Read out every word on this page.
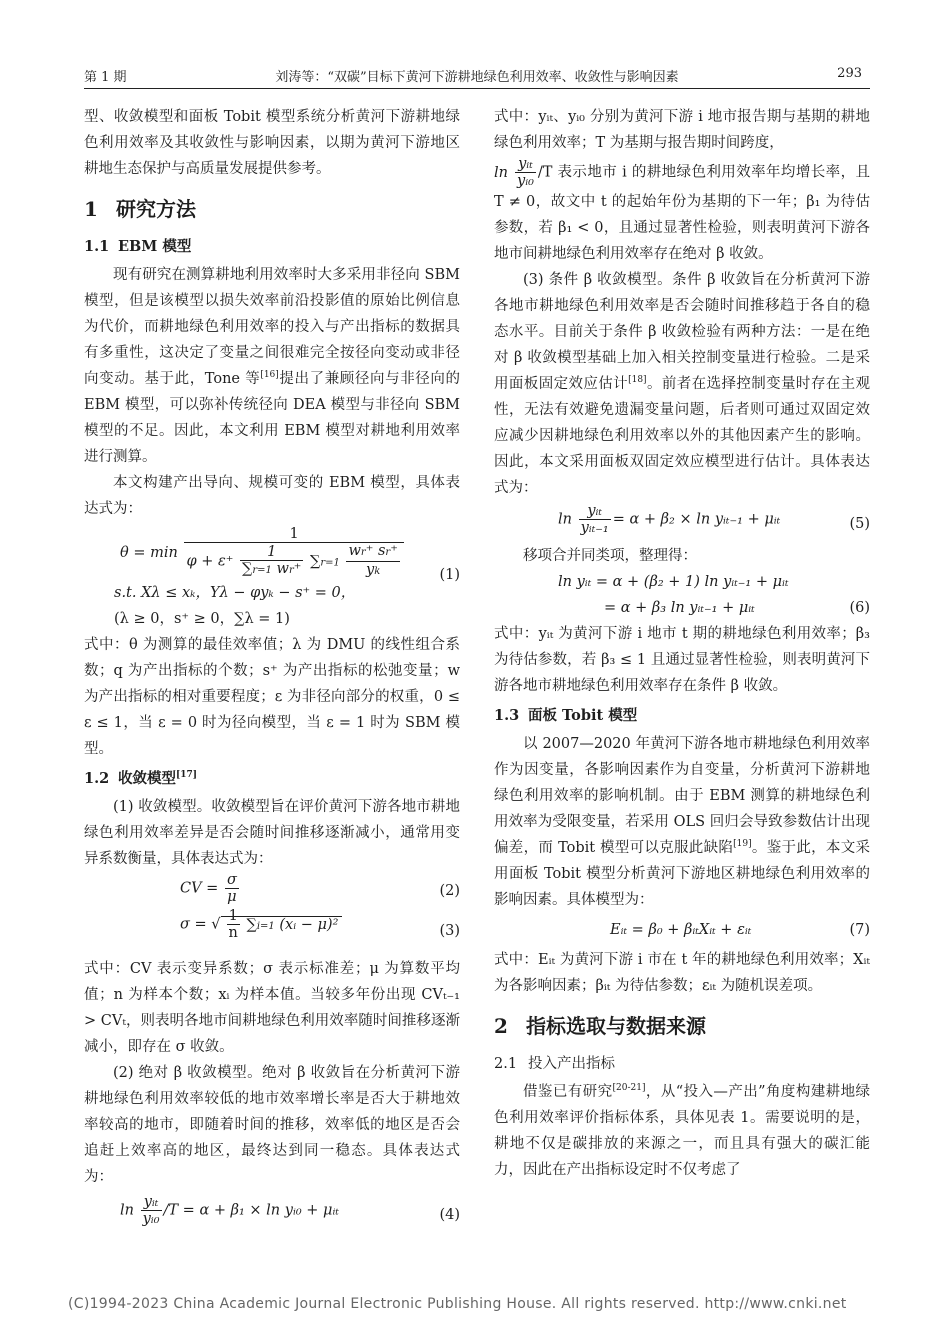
第 1 期	刘涛等：“双碳”目标下黄河下游耕地绿色利用效率、收敛性与影响因素	293

型、收敛模型和面板 Tobit 模型系统分析黄河下游耕地绿色利用效率及其收敛性与影响因素，以期为黄河下游地区耕地生态保护与高质量发展提供参考。

1 研究方法
1.1 EBM 模型

现有研究在测算耕地利用效率时大多采用非径向 SBM 模型，但是该模型以损失效率前沿投影值的原始比例信息为代价，而耕地绿色利用效率的投入与产出指标的数据具有多重性，这决定了变量之间很难完全按径向变动或非径向变动。基于此，Tone 等[16]提出了兼顾径向与非径向的 EBM 模型，可以弥补传统径向 DEA 模型与非径向 SBM 模型的不足。因此，本文利用 EBM 模型对耕地利用效率进行测算。

本文构建产出导向、规模可变的 EBM 模型，具体表达式为：

$\theta = \min \frac{1}{\varphi + \varepsilon^+ \frac{1}{\sum r=1 wr^+} \sum r=1 \frac{wr^+ sr^+}{yk}} (1)$
s.t. Xλ ≤ xₖ，Yλ − φyₖ − s⁺ = 0，
(λ ≥ 0，s⁺ ≥ 0，∑λ = 1)

式中：θ 为测算的最佳效率值；λ 为 DMU 的线性组合系数；q 为产出指标的个数；s⁺ 为产出指标的松弛变量；w 为产出指标的相对重要程度；ε 为非径向部分的权重，0 ≤ ε ≤ 1，当 ε = 0 时为径向模型，当 ε = 1 时为 SBM 模型。

1.2 收敛模型[17]

(1) 收敛模型。收敛模型旨在评价黄河下游各地市耕地绿色利用效率差异是否会随时间推移逐渐减小，通常用变异系数衡量，具体表达式为：

CV = $\frac{\sigma}{\mu}$	(2)
σ = √ $\frac{1}{n} \sum i=1$ (xᵢ − μ)²	(3)

式中：CV 表示变异系数；σ 表示标准差；μ 为算数平均值；n 为样本个数；xᵢ 为样本值。当较多年份出现 CVₜ₋₁ > CVₜ，则表明各地市间耕地绿色利用效率随时间推移逐渐减小，即存在 σ 收敛。

(2) 绝对 β 收敛模型。绝对 β 收敛旨在分析黄河下游耕地绿色利用效率较低的地市效率增长率是否大于耕地效率较高的地市，即随着时间的推移，效率低的地区是否会追赶上效率高的地区，最终达到同一稳态。具体表达式为：

$\ln \frac{\text{yᵢₜ}}{\text{yᵢ₀}} /T = \alpha + \beta_1 \times \ln$ yᵢ₀ + μᵢₜ	(4)

式中：yᵢₜ、yᵢ₀ 分别为黄河下游 i 地市报告期与基期的耕地绿色利用效率；T 为基期与报告期时间跨度，

$\ln \frac{\text{yᵢₜ}}{\text{yᵢ₀}} /T$ 表示地市 i 的耕地绿色利用效率年均增长率，且 T ≠ 0，故文中 t 的起始年份为基期的下一年；β₁ 为待估参数，若 β₁ < 0，且通过显著性检验，则表明黄河下游各地市间耕地绿色利用效率存在绝对 β 收敛。

(3) 条件 β 收敛模型。条件 β 收敛旨在分析黄河下游各地市耕地绿色利用效率是否会随时间推移趋于各自的稳态水平。目前关于条件 β 收敛检验有两种方法：一是在绝对 β 收敛模型基础上加入相关控制变量进行检验。二是采用面板固定效应估计[18]。前者在选择控制变量时存在主观性，无法有效避免遗漏变量问题，后者则可通过双固定效应减少因耕地绿色利用效率以外的其他因素产生的影响。因此，本文采用面板双固定效应模型进行估计。具体表达式为：

$\ln \frac{\text{yᵢₜ}}{\text{yᵢₜ₋₁}} = \alpha + \beta_2 \times \ln$ yᵢₜ₋₁ + μᵢₜ	(5)

移项合并同类项，整理得：

ln yᵢₜ = α + (β₂ + 1) ln yᵢₜ₋₁ + μᵢₜ
= α + β₃ ln yᵢₜ₋₁ + μᵢₜ	(6)

式中：yᵢₜ 为黄河下游 i 地市 t 期的耕地绿色利用效率；β₃ 为待估参数，若 β₃ ≤ 1 且通过显著性检验，则表明黄河下游各地市耕地绿色利用效率存在条件 β 收敛。

1.3 面板 Tobit 模型

以 2007—2020 年黄河下游各地市耕地绿色利用效率作为因变量，各影响因素作为自变量，分析黄河下游耕地绿色利用效率的影响机制。由于 EBM 测算的耕地绿色利用效率为受限变量，若采用 OLS 回归会导致参数估计出现偏差，而 Tobit 模型可以克服此缺陷[19]。鉴于此，本文采用面板 Tobit 模型分析黄河下游地区耕地绿色利用效率的影响因素。具体模型为：

Eᵢₜ = β₀ + βᵢₜXᵢₜ + εᵢₜ	(7)

式中：Eᵢₜ 为黄河下游 i 市在 t 年的耕地绿色利用效率；Xᵢₜ 为各影响因素；βᵢₜ 为待估参数；εᵢₜ 为随机误差项。

2 指标选取与数据来源
2.1 投入产出指标

借鉴已有研究[20-21]，从“投入—产出”角度构建耕地绿色利用效率评价指标体系，具体见表 1。需要说明的是，耕地不仅是碳排放的来源之一，而且具有强大的碳汇能力，因此在产出指标设定时不仅考虑了

(C)1994-2023 China Academic Journal Electronic Publishing House. All rights reserved. http://www.cnki.net
